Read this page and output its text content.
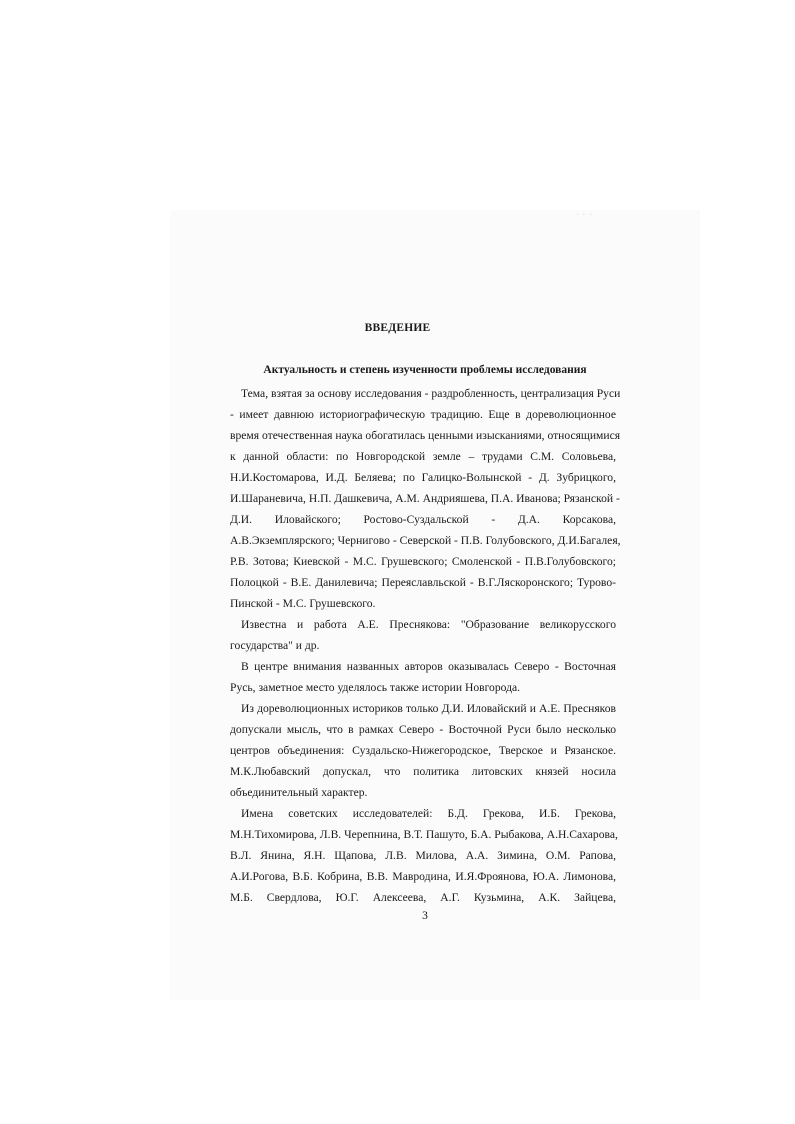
˙ ˙ ˙
ВВЕДЕНИЕ
Актуальность и степень изученности проблемы исследования
Тема, взятая за основу исследования - раздробленность, централизация Руси
- имеет давнюю историографическую традицию. Еще в дореволюционное
время отечественная наука обогатилась ценными изысканиями, относящимися
к данной области: по Новгородской земле – трудами С.М. Соловьева,
Н.И.Костомарова, И.Д. Беляева; по Галицко-Волынской - Д. Зубрицкого,
И.Шараневича, Н.П. Дашкевича, А.М. Андрияшева, П.А. Иванова; Рязанской -
Д.И. Иловайского; Ростово-Суздальской - Д.А. Корсакова,
А.В.Экземплярского; Чернигово - Северской - П.В. Голубовского, Д.И.Багалея,
Р.В. Зотова; Киевской - М.С. Грушевского; Смоленской - П.В.Голубовского;
Полоцкой - В.Е. Данилевича; Переяславльской - В.Г.Ляскоронского; Турово-
Пинской - М.С. Грушевского.
Известна и работа А.Е. Преснякова: "Образование великорусского
государства" и др.
В центре внимания названных авторов оказывалась Северо - Восточная
Русь, заметное место уделялось также истории Новгорода.
Из дореволюционных историков только Д.И. Иловайский и А.Е. Пресняков
допускали мысль, что в рамках Северо - Восточной Руси было несколько
центров объединения: Суздальско-Нижегородское, Тверское и Рязанское.
М.К.Любавский допускал, что политика литовских князей носила
объединительный характер.
Имена советских исследователей: Б.Д. Грекова, И.Б. Грекова,
М.Н.Тихомирова, Л.В. Черепнина, В.Т. Пашуто, Б.А. Рыбакова, А.Н.Сахарова,
В.Л. Янина, Я.Н. Щапова, Л.В. Милова, А.А. Зимина, О.М. Рапова,
А.И.Рогова, В.Б. Кобрина, В.В. Мавродина, И.Я.Фроянова, Ю.А. Лимонова,
М.Б. Свердлова, Ю.Г. Алексеева, А.Г. Кузьмина, А.К. Зайцева,
3
